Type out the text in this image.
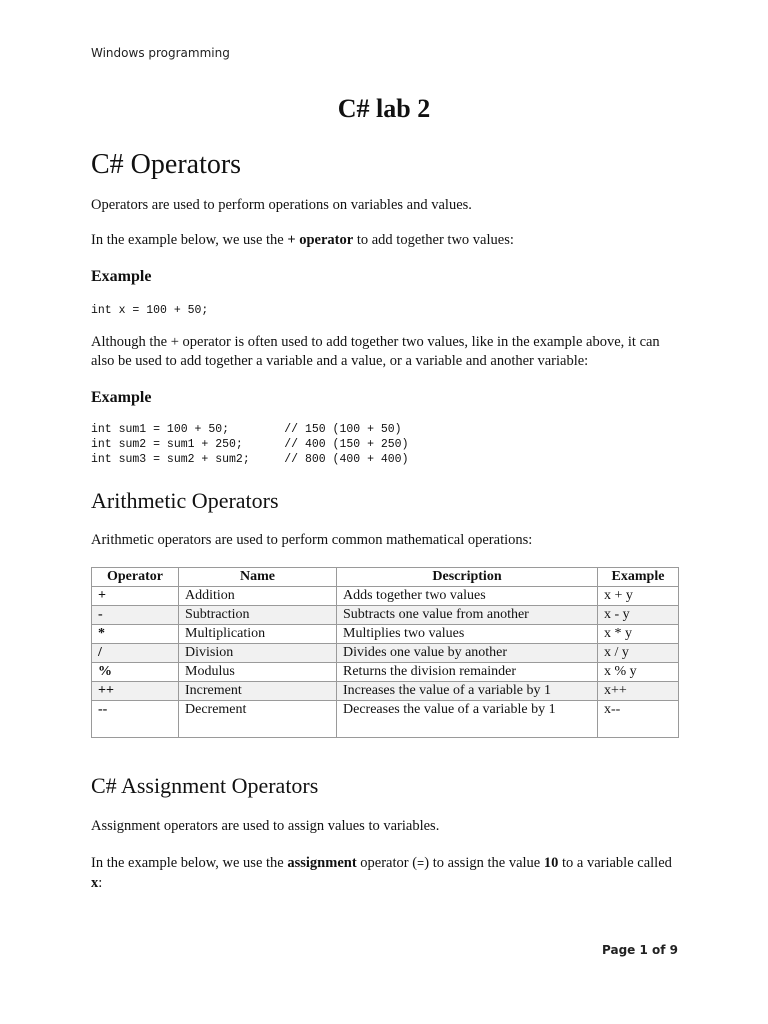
Windows programming
C# lab 2
C# Operators

Operators are used to perform operations on variables and values.

In the example below, we use the + operator to add together two values:

Example
int x = 100 + 50;

Although the + operator is often used to add together two values, like in the example above, it can also be used to add together a variable and a value, or a variable and another variable:

Example
int sum1 = 100 + 50;	// 150 (100 + 50)
int sum2 = sum1 + 250;	// 400 (150 + 250)
int sum3 = sum2 + sum2;	// 800 (400 + 400)
Arithmetic Operators

Arithmetic operators are used to perform common mathematical operations:

Operator	Name	Description	Example
+	Addition	Adds together two values	x + y
-	Subtraction	Subtracts one value from another	x - y
*	Multiplication	Multiplies two values	x * y
/	Division	Divides one value by another	x / y
%	Modulus	Returns the division remainder	x % y
++	Increment	Increases the value of a variable by 1	x++
--	Decrement	Decreases the value of a variable by 1	x--
C# Assignment Operators

Assignment operators are used to assign values to variables.

In the example below, we use the assignment operator (=) to assign the value 10 to a variable called x:

Page 1 of 9
